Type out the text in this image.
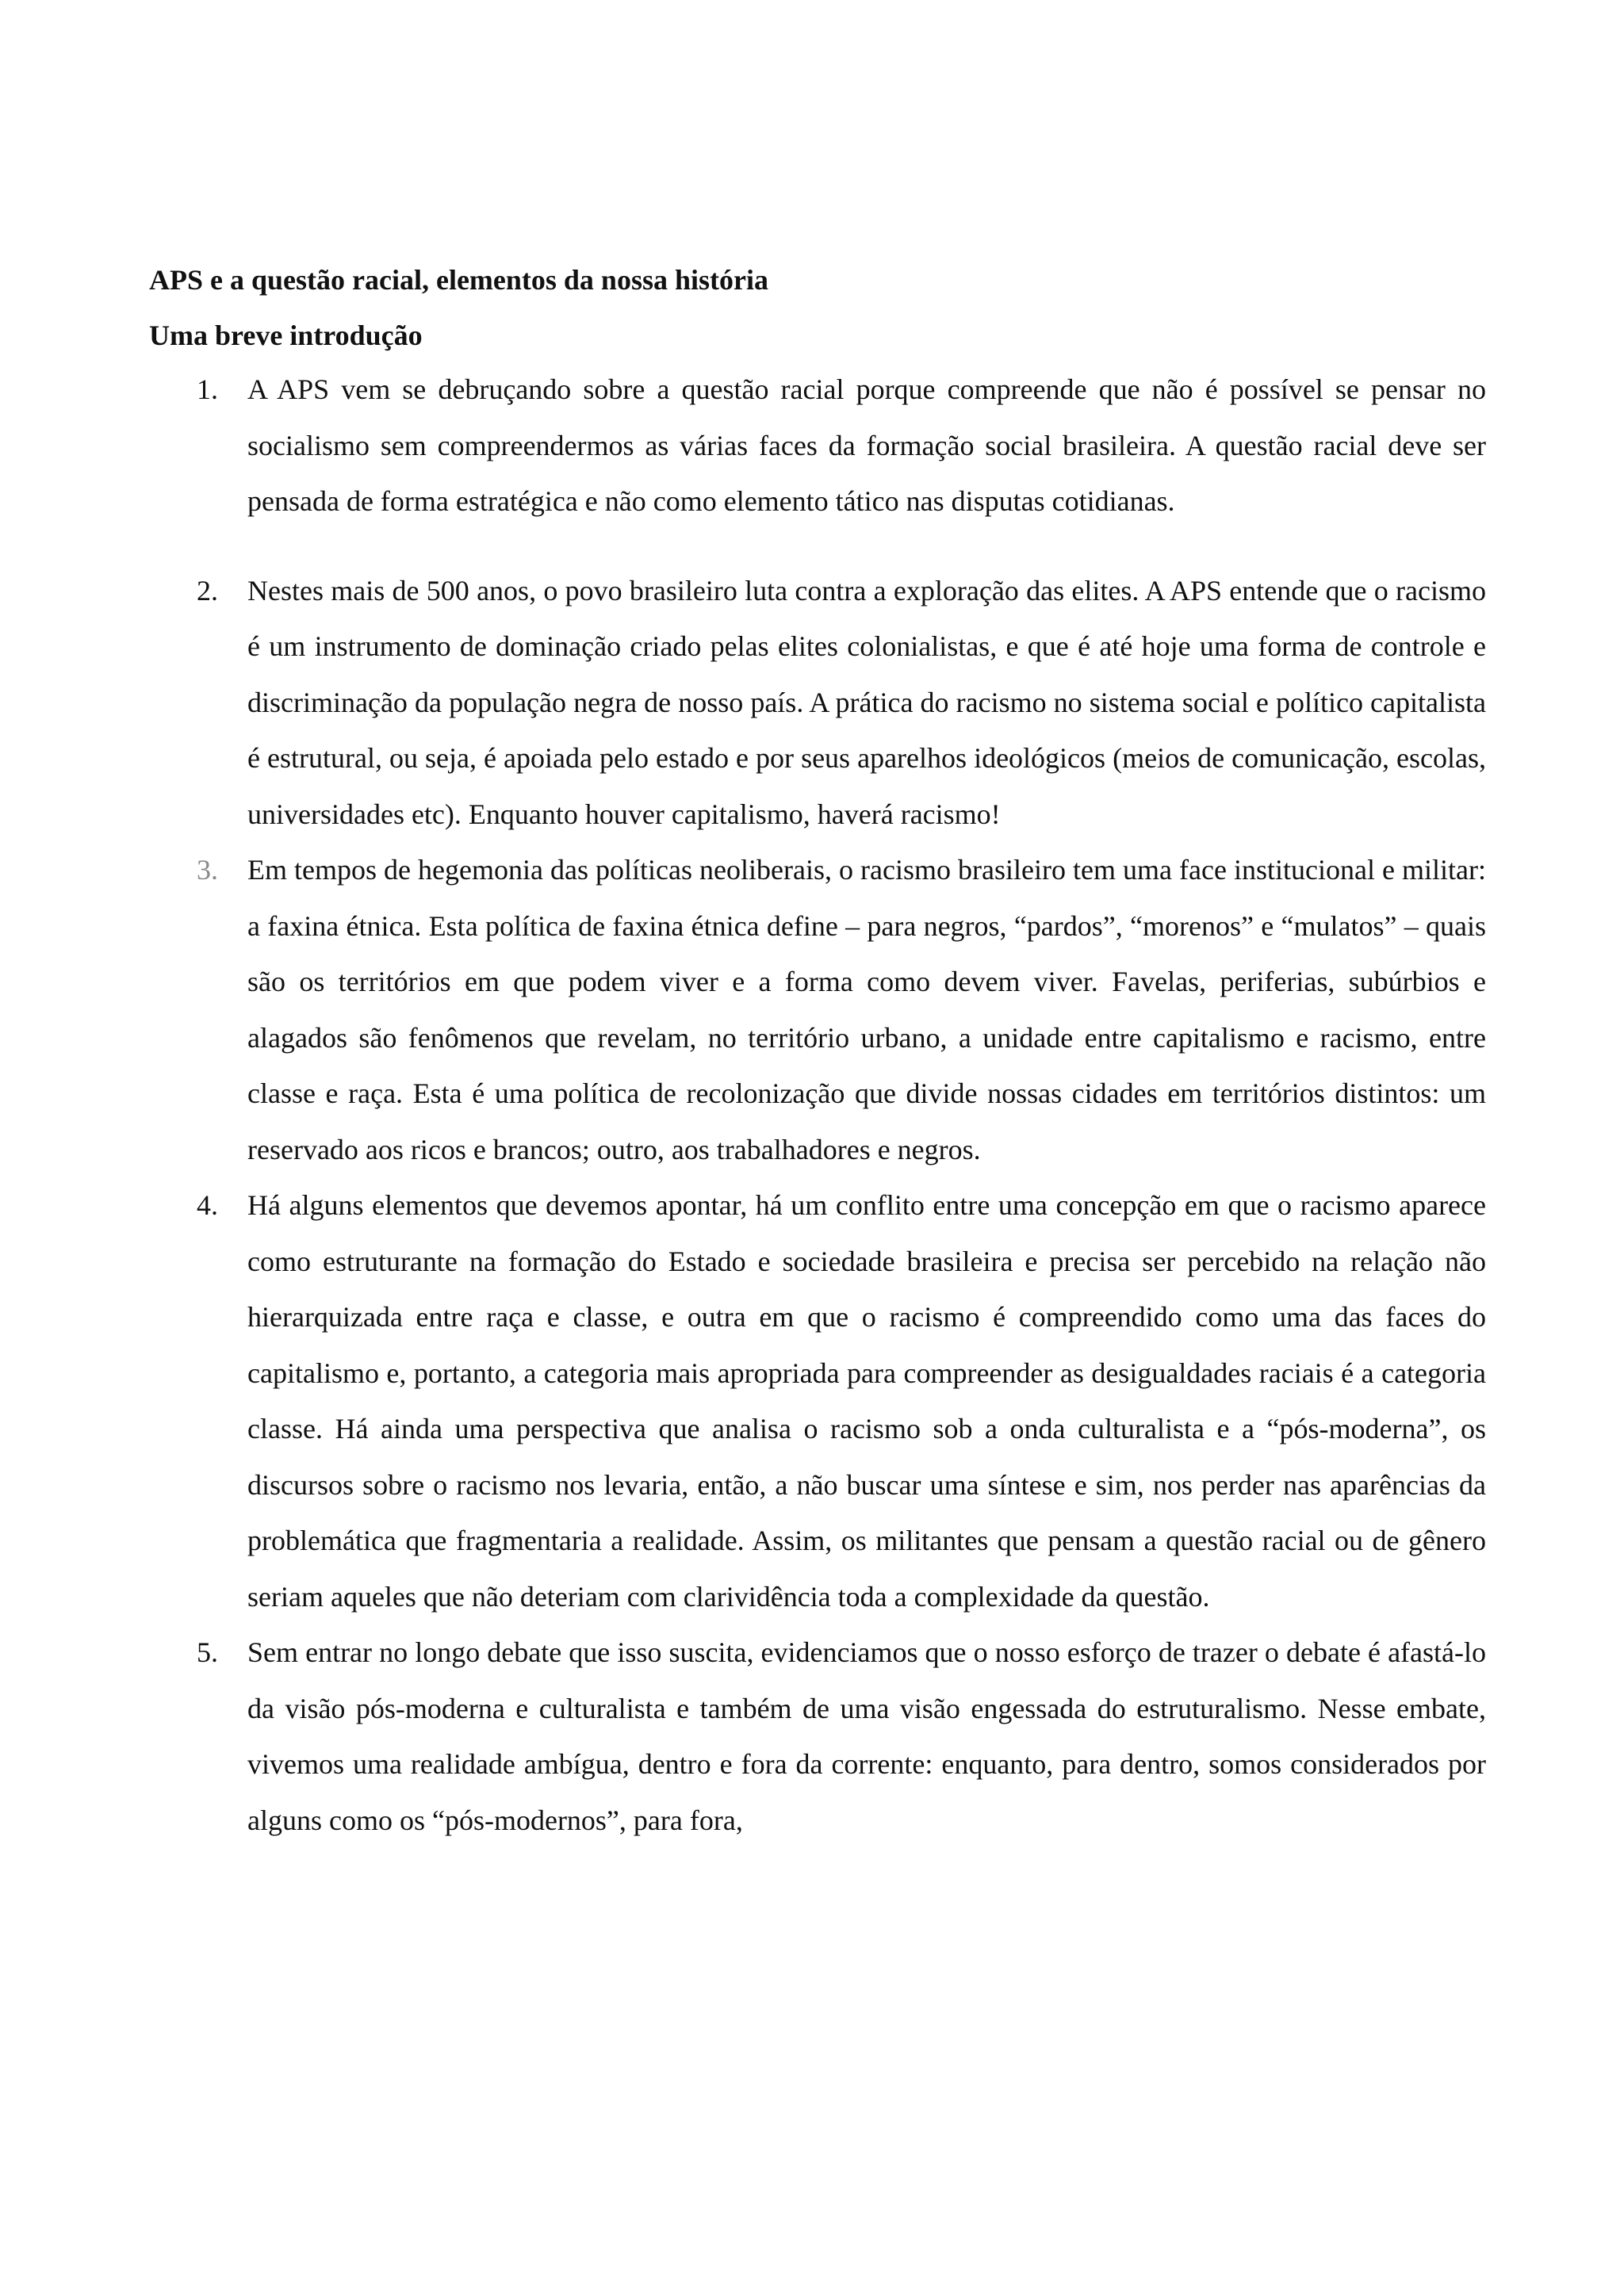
APS e a questão racial, elementos da nossa história

Uma breve introdução

1.	A APS vem se debruçando sobre a questão racial porque compreende que não é possível se pensar no socialismo sem compreendermos as várias faces da formação social brasileira. A questão racial deve ser pensada de forma estratégica e não como elemento tático nas disputas cotidianas.
2.	Nestes mais de 500 anos, o povo brasileiro luta contra a exploração das elites. A APS entende que o racismo é um instrumento de dominação criado pelas elites colonialistas, e que é até hoje uma forma de controle e discriminação da população negra de nosso país. A prática do racismo no sistema social e político capitalista é estrutural, ou seja, é apoiada pelo estado e por seus aparelhos ideológicos (meios de comunicação, escolas, universidades etc). Enquanto houver capitalismo, haverá racismo!
3.	Em tempos de hegemonia das políticas neoliberais, o racismo brasileiro tem uma face institucional e militar: a faxina étnica. Esta política de faxina étnica define – para negros, “pardos”, “morenos” e “mulatos” – quais são os territórios em que podem viver e a forma como devem viver. Favelas, periferias, subúrbios e alagados são fenômenos que revelam, no território urbano, a unidade entre capitalismo e racismo, entre classe e raça. Esta é uma política de recolonização que divide nossas cidades em territórios distintos: um reservado aos ricos e brancos; outro, aos trabalhadores e negros.
4.	Há alguns elementos que devemos apontar, há um conflito entre uma concepção em que o racismo aparece como estruturante na formação do Estado e sociedade brasileira e precisa ser percebido na relação não hierarquizada entre raça e classe, e outra em que o racismo é compreendido como uma das faces do capitalismo e, portanto, a categoria mais apropriada para compreender as desigualdades raciais é a categoria classe. Há ainda uma perspectiva que analisa o racismo sob a onda culturalista e a “pós-moderna”, os discursos sobre o racismo nos levaria, então, a não buscar uma síntese e sim, nos perder nas aparências da problemática que fragmentaria a realidade. Assim, os militantes que pensam a questão racial ou de gênero seriam aqueles que não deteriam com clarividência toda a complexidade da questão.
5.	Sem entrar no longo debate que isso suscita, evidenciamos que o nosso esforço de trazer o debate é afastá-lo da visão pós-moderna e culturalista e também de uma visão engessada do estruturalismo. Nesse embate, vivemos uma realidade ambígua, dentro e fora da corrente: enquanto, para dentro, somos considerados por alguns como os “pós-modernos”, para fora,
